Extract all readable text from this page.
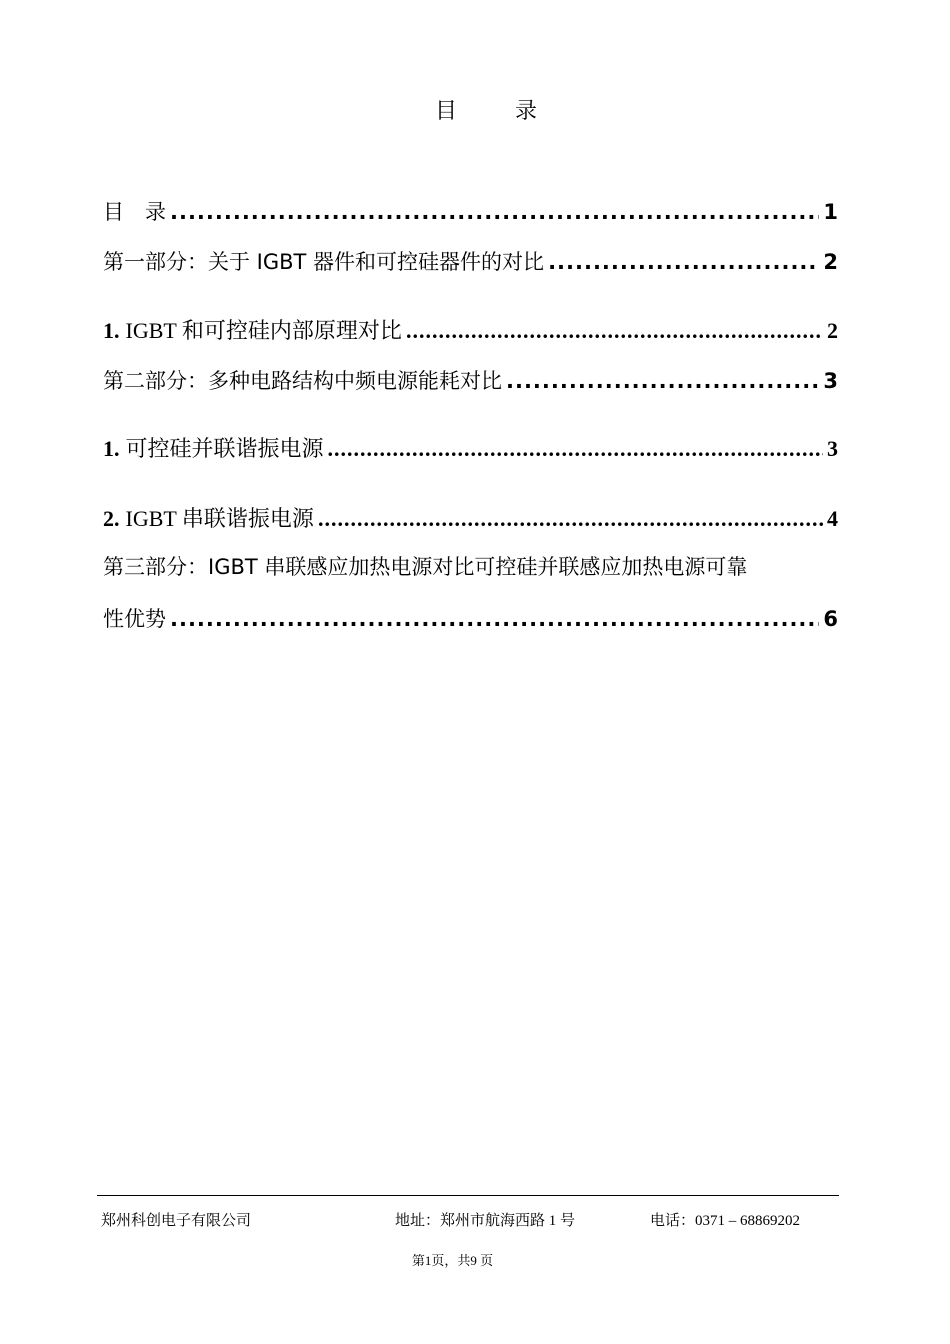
目　录
目　录 .....	1
第一部分：关于 IGBT 器件和可控硅器件的对比 .....	2
1. IGBT 和可控硅内部原理对比 .....	2
第二部分：多种电路结构中频电源能耗对比 .....	3
1. 可控硅并联谐振电源 .....	3
2. IGBT 串联谐振电源 .....	4
第三部分：IGBT 串联感应加热电源对比可控硅并联感应加热电源可靠
性优势 .....	6
郑州科创电子有限公司	地址：郑州市航海西路 1 号	电话：0371 – 68869202
第1页，共9 页
